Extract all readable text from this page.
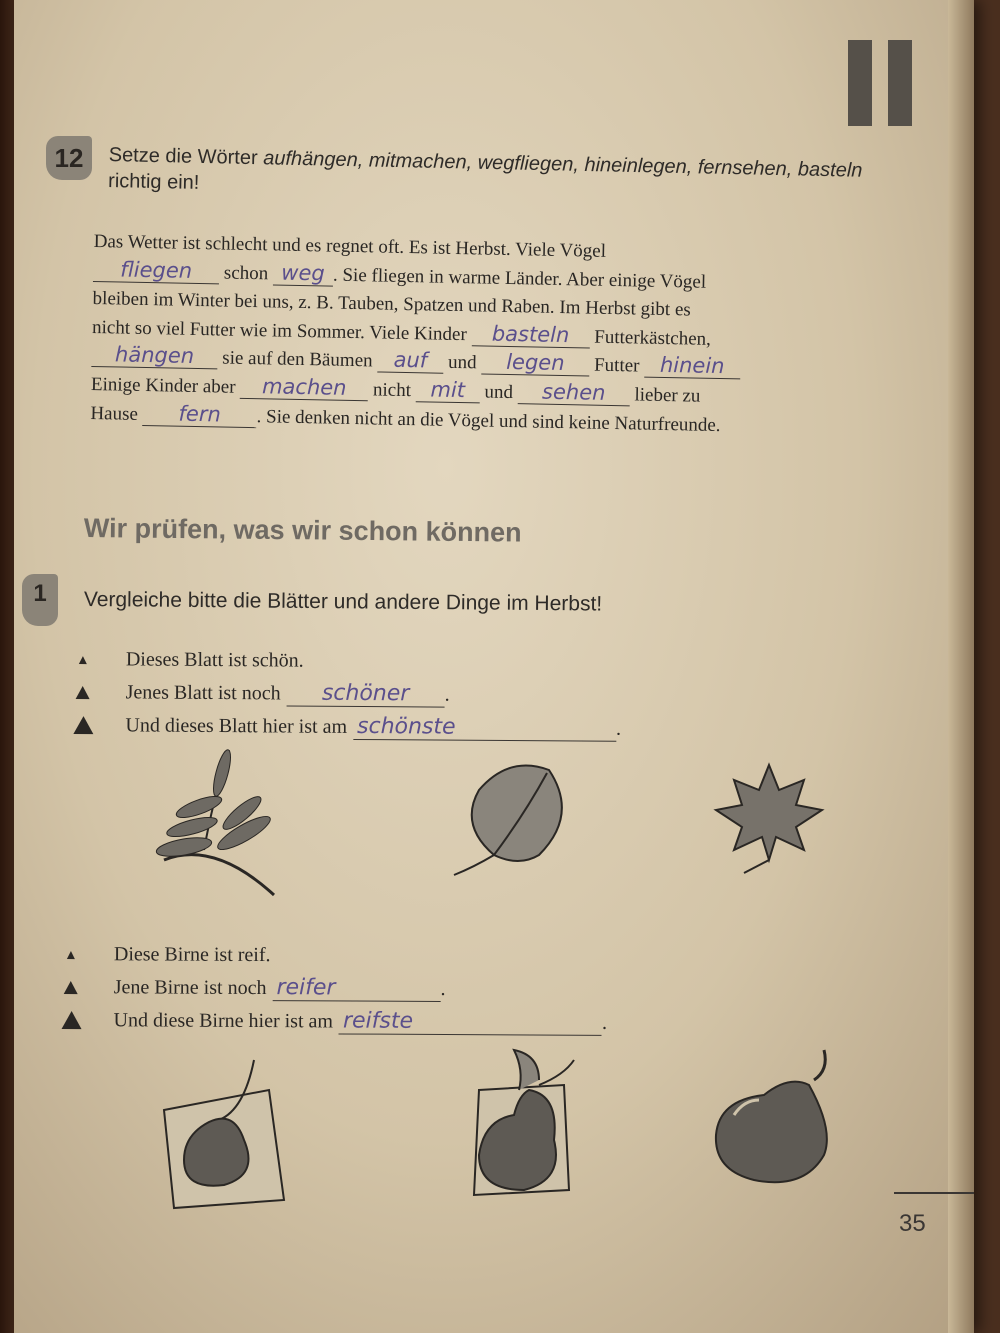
12	Setze die Wörter aufhängen, mitmachen, wegfliegen, hineinlegen, fernsehen, basteln richtig ein!
Das Wetter ist schlecht und es regnet oft. Es ist Herbst. Viele Vögel
fliegen schon weg . Sie fliegen in warme Länder. Aber einige Vögel
bleiben im Winter bei uns, z. B. Tauben, Spatzen und Raben. Im Herbst gibt es
nicht so viel Futter wie im Sommer. Viele Kinder basteln Futterkästchen,
hängen sie auf den Bäumen auf und legen Futter hinein
Einige Kinder aber machen nicht mit und sehen lieber zu
Hause fern . Sie denken nicht an die Vögel und sind keine Naturfreunde.
Wir prüfen, was wir schon können
1	Vergleiche bitte die Blätter und andere Dinge im Herbst!
Dieses Blatt ist schön.
Jenes Blatt ist noch schöner .
Und dieses Blatt hier ist am schönste	.
Diese Birne ist reif.
Jene Birne ist noch reifer	.
Und diese Birne hier ist am reifste	.
35
